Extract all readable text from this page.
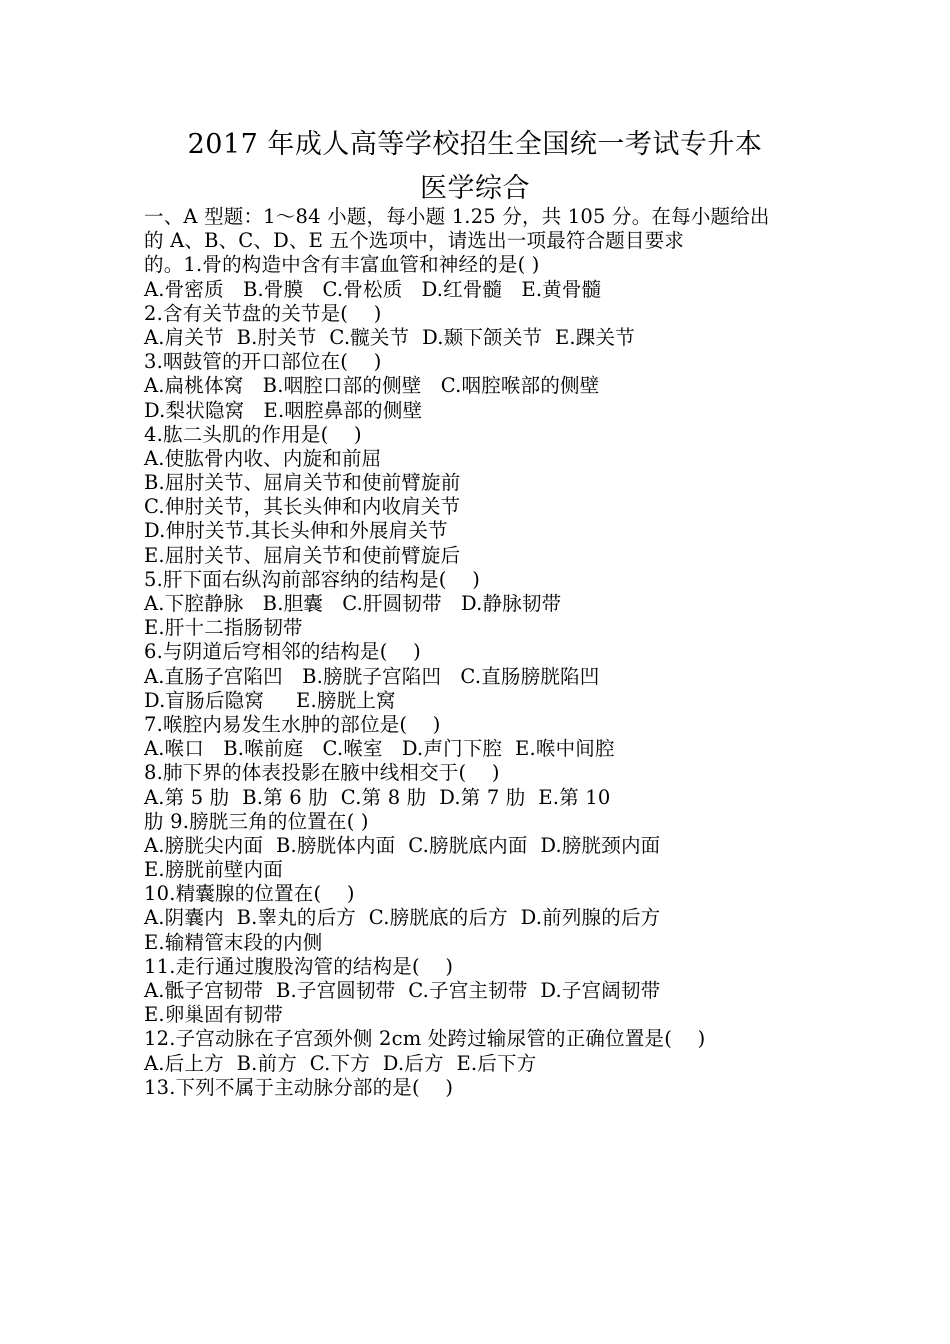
2017 年成人高等学校招生全国统一考试专升本
医学综合
一、A 型题：1～84 小题，每小题 1.25 分，共 105 分。在每小题给出
的 A、B、C、D、E 五个选项中，请选出一项最符合题目要求
的。1.骨的构造中含有丰富血管和神经的是( )
A.骨密质   B.骨膜   C.骨松质   D.红骨髓   E.黄骨髓
2.含有关节盘的关节是(    )
A.肩关节  B.肘关节  C.髋关节  D.颞下颌关节  E.踝关节
3.咽鼓管的开口部位在(    )
A.扁桃体窝   B.咽腔口部的侧壁   C.咽腔喉部的侧壁
D.梨状隐窝   E.咽腔鼻部的侧壁
4.肱二头肌的作用是(    )
A.使肱骨内收、内旋和前屈
B.屈肘关节、屈肩关节和使前臂旋前
C.伸肘关节，其长头伸和内收肩关节
D.伸肘关节.其长头伸和外展肩关节
E.屈肘关节、屈肩关节和使前臂旋后
5.肝下面右纵沟前部容纳的结构是(    )
A.下腔静脉   B.胆囊   C.肝圆韧带   D.静脉韧带
E.肝十二指肠韧带
6.与阴道后穹相邻的结构是(    )
A.直肠子宫陷凹   B.膀胱子宫陷凹   C.直肠膀胱陷凹
D.盲肠后隐窝     E.膀胱上窝
7.喉腔内易发生水肿的部位是(    )
A.喉口   B.喉前庭   C.喉室   D.声门下腔  E.喉中间腔
8.肺下界的体表投影在腋中线相交于(    )
A.第 5 肋  B.第 6 肋  C.第 8 肋  D.第 7 肋  E.第 10
肋 9.膀胱三角的位置在( )
A.膀胱尖内面  B.膀胱体内面  C.膀胱底内面  D.膀胱颈内面
E.膀胱前壁内面
10.精囊腺的位置在(    )
A.阴囊内  B.睾丸的后方  C.膀胱底的后方  D.前列腺的后方
E.输精管末段的内侧
11.走行通过腹股沟管的结构是(    )
A.骶子宫韧带  B.子宫圆韧带  C.子宫主韧带  D.子宫阔韧带
E.卵巢固有韧带
12.子宫动脉在子宫颈外侧 2cm 处跨过输尿管的正确位置是(    )
A.后上方  B.前方  C.下方  D.后方  E.后下方
13.下列不属于主动脉分部的是(    )
